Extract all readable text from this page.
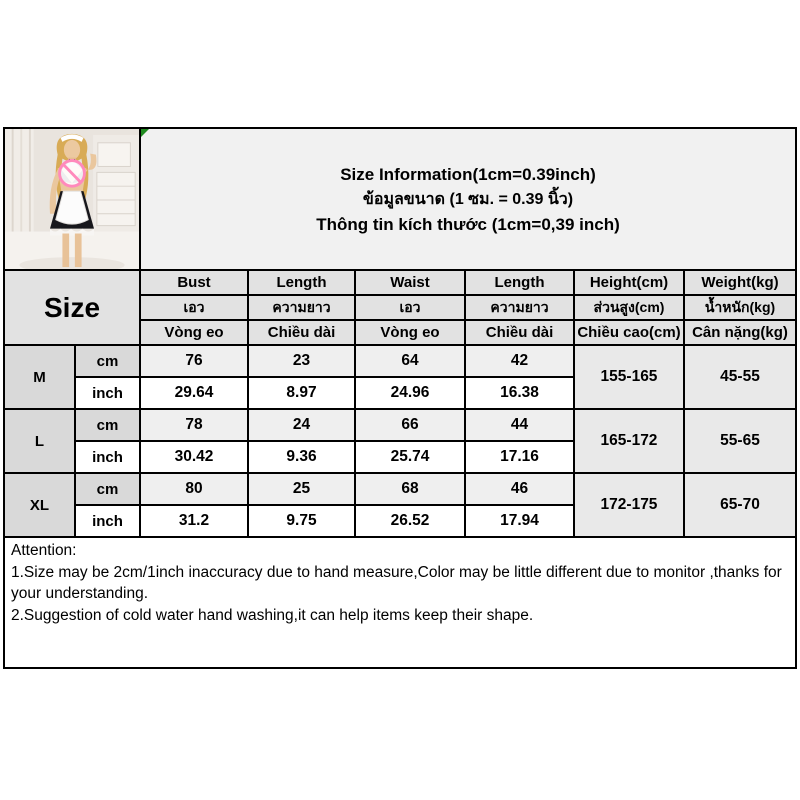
Size Information(1cm=0.39inch)
ข้อมูลขนาด (1 ซม. = 0.39 นิ้ว)
Thông tin kích thước (1cm=0,39 inch)
Size
Bust	Length	Waist	Length	Height(cm)	Weight(kg)
เอว	ความยาว	เอว	ความยาว	ส่วนสูง(cm)	น้ำหนัก(kg)
Vòng eo	Chiều dài	Vòng eo	Chiều dài	Chiều cao(cm) Cân nặng(kg)
M
cm	76	23	64	42
155-165	45-55
inch	29.64	8.97	24.96	16.38
L
cm	78	24	66	44
165-172	55-65
inch	30.42	9.36	25.74	17.16
XL
cm	80	25	68	46
172-175	65-70
inch	31.2	9.75	26.52	17.94
Attention:
1.Size may be 2cm/1inch inaccuracy due to hand measure,Color may be little different due to monitor ,thanks for your understanding.
2.Suggestion of cold water hand washing,it can help items keep their shape.
